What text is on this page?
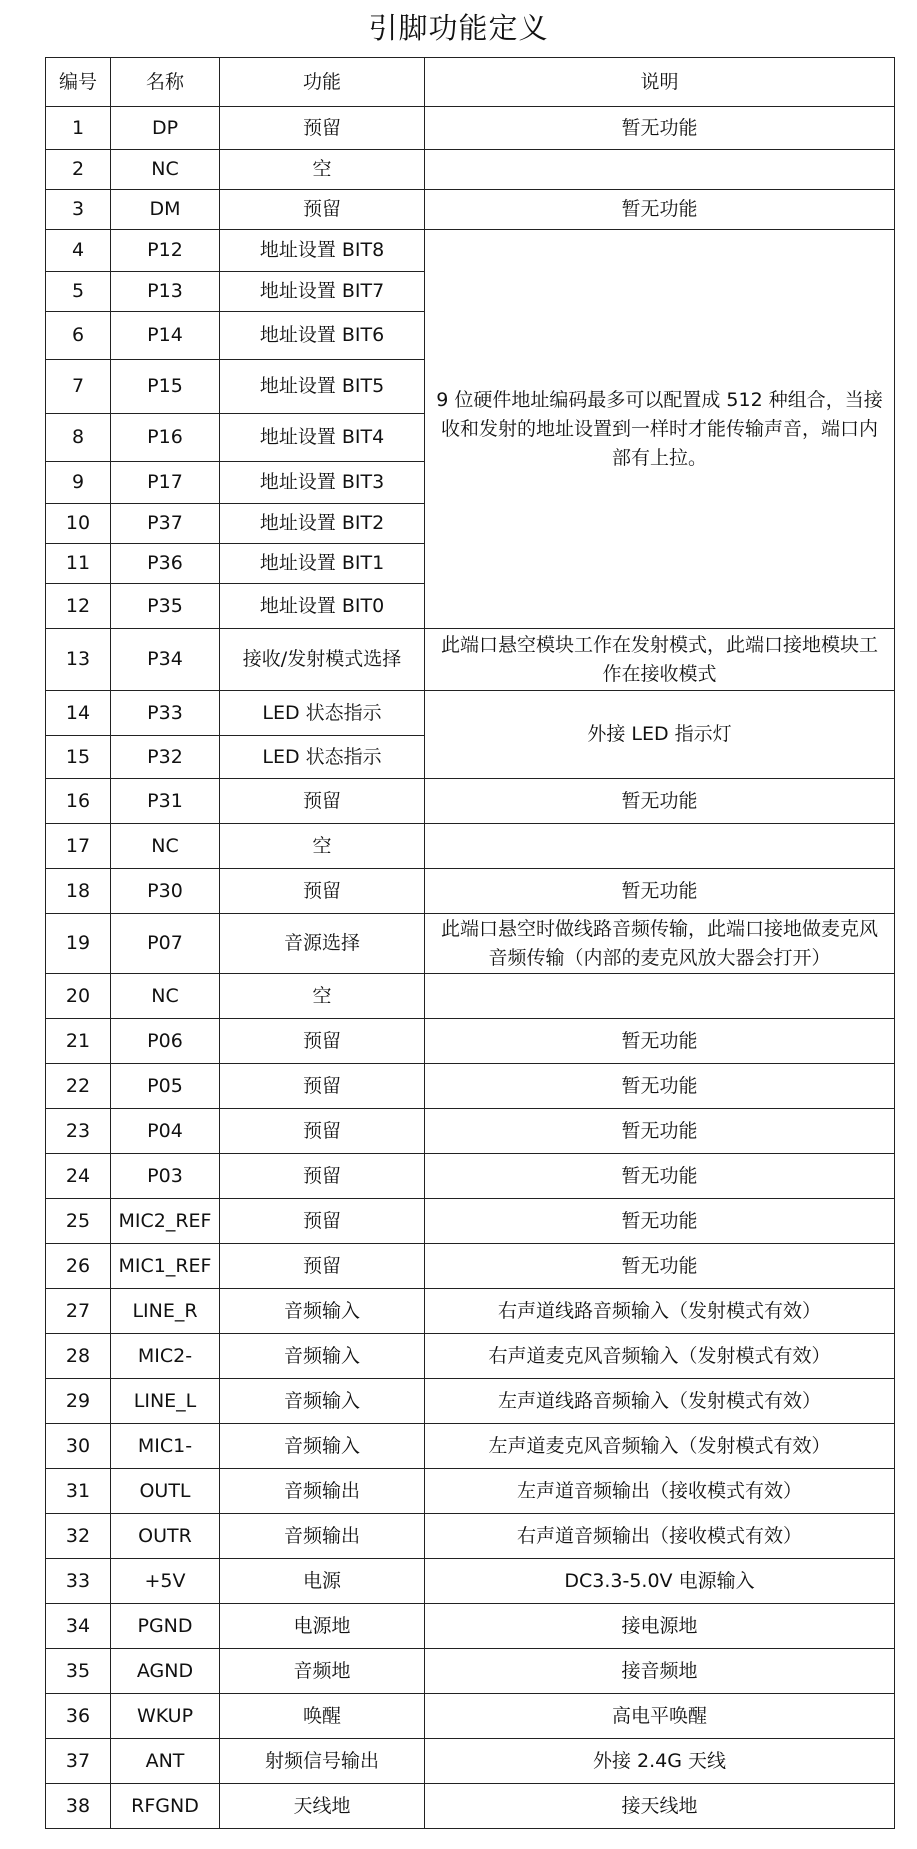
引脚功能定义
编号	名称	功能	说明
1	DP	预留	暂无功能
2	NC	空	
3	DM	预留	暂无功能
4	P12	地址设置 BIT8	9 位硬件地址编码最多可以配置成 512 种组合，当接收和发射的地址设置到一样时才能传输声音，端口内部有上拉。
5	P13	地址设置 BIT7	
6	P14	地址设置 BIT6	
7	P15	地址设置 BIT5	
8	P16	地址设置 BIT4	
9	P17	地址设置 BIT3	
10	P37	地址设置 BIT2	
11	P36	地址设置 BIT1	
12	P35	地址设置 BIT0	
13	P34	接收/发射模式选择	此端口悬空模块工作在发射模式，此端口接地模块工作在接收模式
14	P33	LED 状态指示	外接 LED 指示灯
15	P32	LED 状态指示	
16	P31	预留	暂无功能
17	NC	空	
18	P30	预留	暂无功能
19	P07	音源选择	此端口悬空时做线路音频传输，此端口接地做麦克风音频传输（内部的麦克风放大器会打开）
20	NC	空	
21	P06	预留	暂无功能
22	P05	预留	暂无功能
23	P04	预留	暂无功能
24	P03	预留	暂无功能
25	MIC2_REF	预留	暂无功能
26	MIC1_REF	预留	暂无功能
27	LINE_R	音频输入	右声道线路音频输入（发射模式有效）
28	MIC2-	音频输入	右声道麦克风音频输入（发射模式有效）
29	LINE_L	音频输入	左声道线路音频输入（发射模式有效）
30	MIC1-	音频输入	左声道麦克风音频输入（发射模式有效）
31	OUTL	音频输出	左声道音频输出（接收模式有效）
32	OUTR	音频输出	右声道音频输出（接收模式有效）
33	+5V	电源	DC3.3-5.0V 电源输入
34	PGND	电源地	接电源地
35	AGND	音频地	接音频地
36	WKUP	唤醒	高电平唤醒
37	ANT	射频信号输出	外接 2.4G 天线
38	RFGND	天线地	接天线地
